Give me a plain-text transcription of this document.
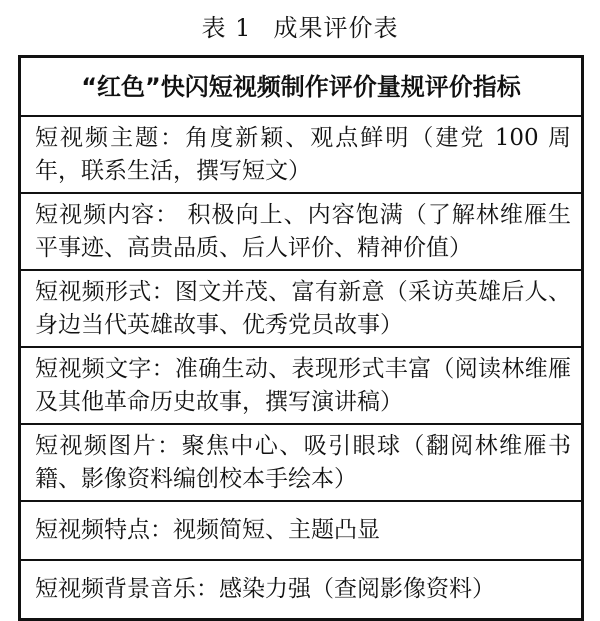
表 1 成果评价表
“红色”快闪短视频制作评价量规评价指标
短视频主题：角度新颖、观点鲜明（建党 100 周年，联系生活，撰写短文）
短视频内容： 积极向上、内容饱满（了解林维雁生平事迹、高贵品质、后人评价、精神价值）
短视频形式：图文并茂、富有新意（采访英雄后人、身边当代英雄故事、优秀党员故事）
短视频文字：准确生动、表现形式丰富（阅读林维雁及其他革命历史故事，撰写演讲稿）
短视频图片：聚焦中心、吸引眼球（翻阅林维雁书籍、影像资料编创校本手绘本）
短视频特点：视频简短、主题凸显
短视频背景音乐：感染力强（查阅影像资料）
